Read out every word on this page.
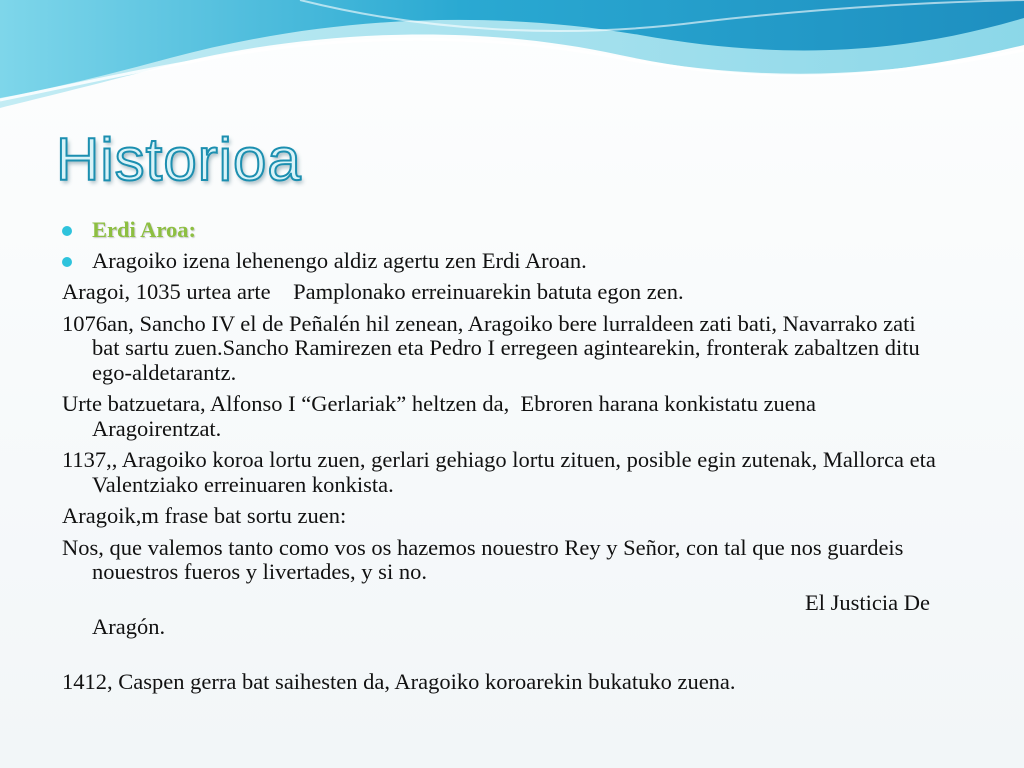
Historioa
Erdi Aroa:
Aragoiko izena lehenengo aldiz agertu zen Erdi Aroan.
Aragoi, 1035 urtea arte    Pamplonako erreinuarekin batuta egon zen.
1076an, Sancho IV el de Peñalén hil zenean, Aragoiko bere lurraldeen zati bati, Navarrako zati bat sartu zuen.Sancho Ramirezen eta Pedro I erregeen agintearekin, fronterak zabaltzen ditu ego-aldetarantz.
Urte batzuetara, Alfonso I “Gerlariak” heltzen da,  Ebroren harana konkistatu zuena Aragoirentzat.
1137,, Aragoiko koroa lortu zuen, gerlari gehiago lortu zituen, posible egin zutenak, Mallorca eta Valentziako erreinuaren konkista.
Aragoik,m frase bat sortu zuen:
Nos, que valemos tanto como vos os hazemos nouestro Rey y Señor, con tal que nos guardeis nouestros fueros y livertades, y si no.
El Justicia De
Aragón.
1412, Caspen gerra bat saihesten da, Aragoiko koroarekin bukatuko zuena.
